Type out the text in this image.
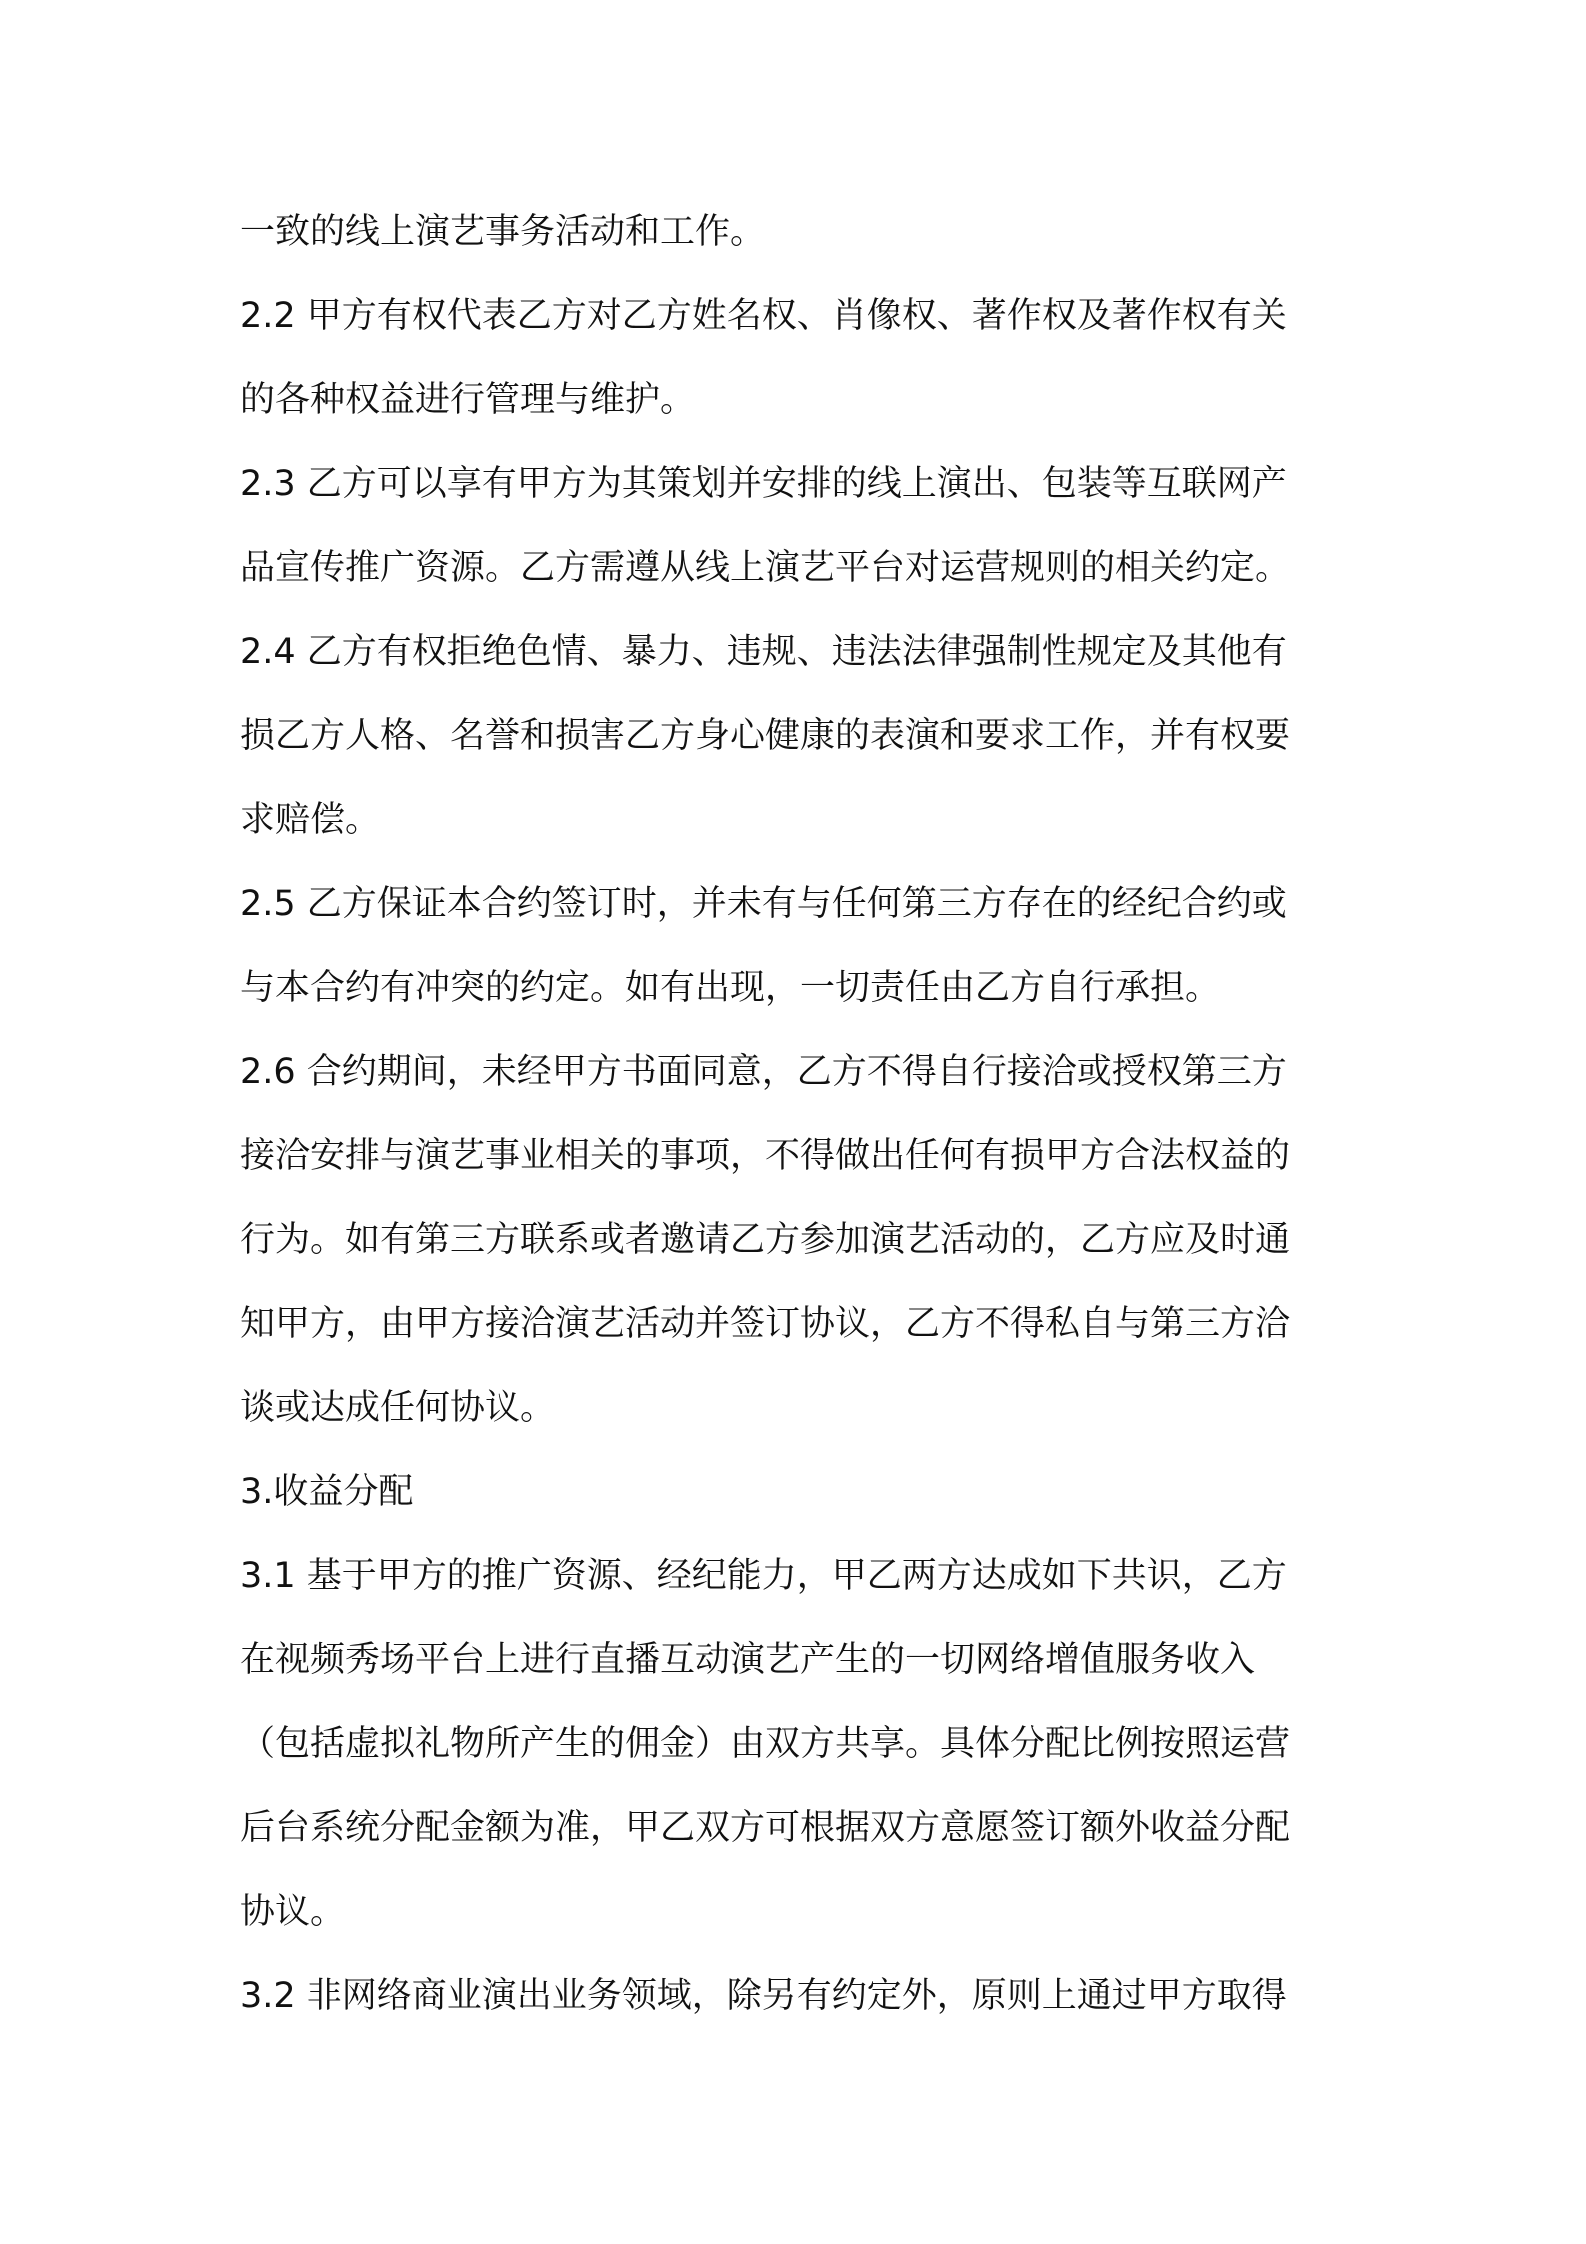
一致的线上演艺事务活动和工作。
2.2 甲方有权代表乙方对乙方姓名权、肖像权、著作权及著作权有关
的各种权益进行管理与维护。
2.3 乙方可以享有甲方为其策划并安排的线上演出、包装等互联网产
品宣传推广资源。乙方需遵从线上演艺平台对运营规则的相关约定。
2.4 乙方有权拒绝色情、暴力、违规、违法法律强制性规定及其他有
损乙方人格、名誉和损害乙方身心健康的表演和要求工作，并有权要
求赔偿。
2.5 乙方保证本合约签订时，并未有与任何第三方存在的经纪合约或
与本合约有冲突的约定。如有出现，一切责任由乙方自行承担。
2.6 合约期间，未经甲方书面同意，乙方不得自行接洽或授权第三方
接洽安排与演艺事业相关的事项，不得做出任何有损甲方合法权益的
行为。如有第三方联系或者邀请乙方参加演艺活动的，乙方应及时通
知甲方，由甲方接洽演艺活动并签订协议，乙方不得私自与第三方洽
谈或达成任何协议。
3.收益分配
3.1 基于甲方的推广资源、经纪能力，甲乙两方达成如下共识，乙方
在视频秀场平台上进行直播互动演艺产生的一切网络增值服务收入
（包括虚拟礼物所产生的佣金）由双方共享。具体分配比例按照运营
后台系统分配金额为准，甲乙双方可根据双方意愿签订额外收益分配
协议。
3.2 非网络商业演出业务领域，除另有约定外，原则上通过甲方取得
